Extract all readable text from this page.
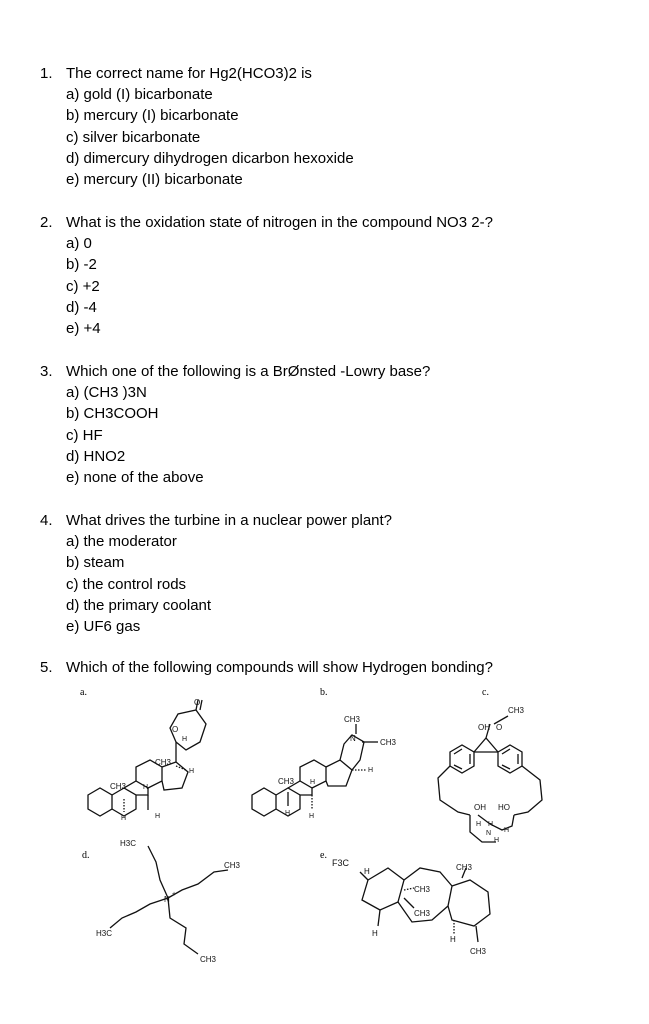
1. The correct name for Hg2(HCO3)2 is
a) gold (I) bicarbonate
b) mercury (I) bicarbonate
c) silver bicarbonate
d) dimercury dihydrogen dicarbon hexoxide
e) mercury (II) bicarbonate
2. What is the oxidation state of nitrogen in the compound NO3 2-?
a) 0
b) -2
c) +2
d) -4
e) +4
3. Which one of the following is a BrØnsted -Lowry base?
a) (CH3 )3N
b) CH3COOH
c) HF
d) HNO2
e) none of the above
4. What drives the turbine in a nuclear power plant?
a) the moderator
b) steam
c) the control rods
d) the primary coolant
e) UF6 gas
5. Which of the following compounds will show Hydrogen bonding?
a.	b.	c.
d.	e.
O
O
H
CH3
H
CH3 H
H	H
CH3
N	CH3
H
CH3 H
H	H
CH3
OH O
OH HO
H H
N H
H
H3C
CH3
N
+
H3C
CH3
F3C
H
CH3
CH3
CH3
H
H
CH3
